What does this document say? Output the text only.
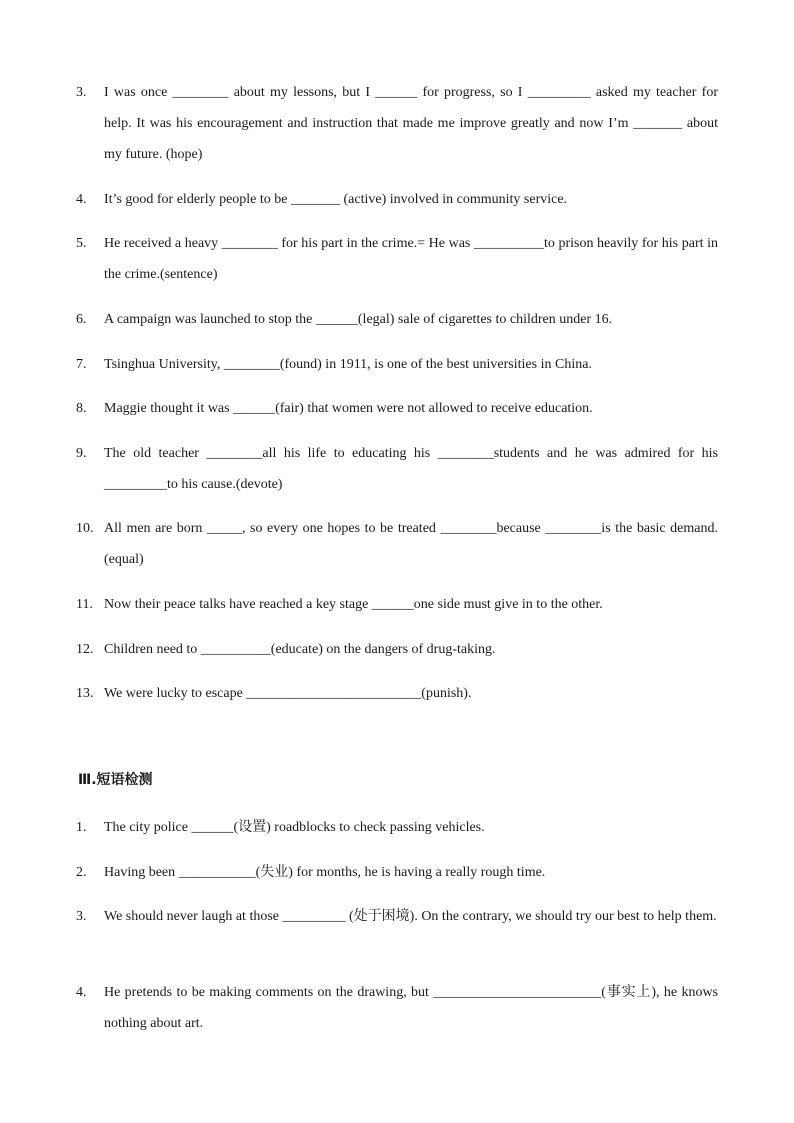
3.	I was once ________ about my lessons, but I ______ for progress, so I _________ asked my teacher for help. It was his encouragement and instruction that made me improve greatly and now I’m _______ about my future. (hope)
4.	It’s good for elderly people to be _______ (active) involved in community service.
5.	He received a heavy ________ for his part in the crime.= He was __________to prison heavily for his part in the crime.(sentence)
6.	A campaign was launched to stop the ______(legal) sale of cigarettes to children under 16.
7.	Tsinghua University, ________(found) in 1911, is one of the best universities in China.
8.	Maggie thought it was ______(fair) that women were not allowed to receive education.
9.	The old teacher ________all his life to educating his ________students and he was admired for his _________to his cause.(devote)
10. All men are born _____, so every one hopes to be treated ________because ________is the basic demand.(equal)
11. Now their peace talks have reached a key stage ______one side must give in to the other.
12. Children need to __________(educate) on the dangers of drug-taking.
13. We were lucky to escape _________________________(punish).
Ⅲ.短语检测
1.	The city police ______(设置) roadblocks to check passing vehicles.
2.	Having been ___________(失业) for months, he is having a really rough time.
3.	We should never laugh at those _________ (处于困境). On the contrary, we should try our best to help them.
4.	He pretends to be making comments on the drawing, but ________________________(事实上), he knows nothing about art.
